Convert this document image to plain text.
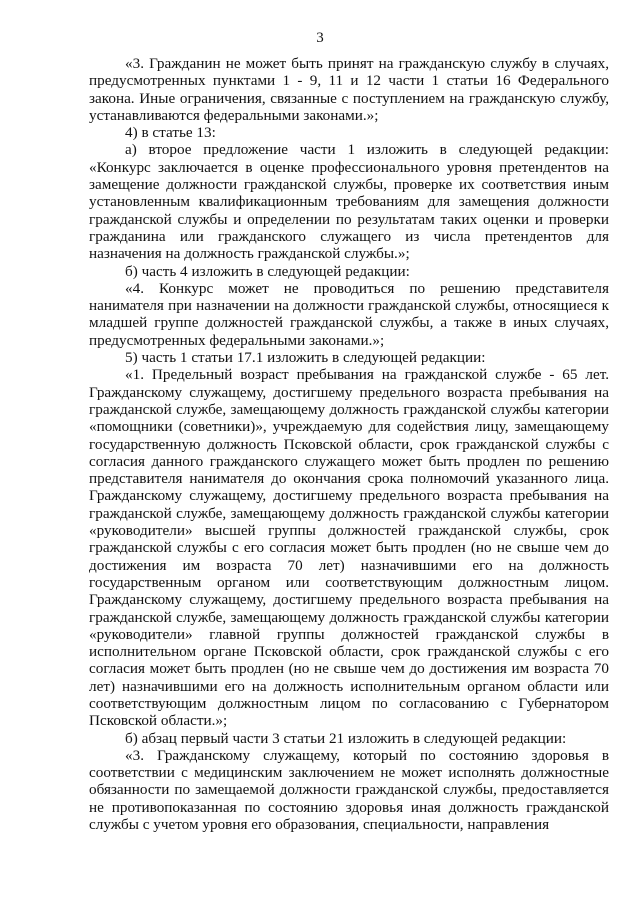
3

«3. Гражданин не может быть принят на гражданскую службу в случаях, предусмотренных пунктами 1 - 9, 11 и 12 части 1 статьи 16 Федерального закона. Иные ограничения, связанные с поступлением на гражданскую службу, устанавливаются федеральными законами.»;

4) в статье 13:

а) второе предложение части 1 изложить в следующей редакции: «Конкурс заключается в оценке профессионального уровня претендентов на замещение должности гражданской службы, проверке их соответствия иным установленным квалификационным требованиям для замещения должности гражданской службы и определении по результатам такиx оценки и проверки гражданина или гражданского служащего из числа претендентов для назначения на должность гражданской службы.»;

б) часть 4 изложить в следующей редакции:

«4. Конкурс может не проводиться по решению представителя нанимателя при назначении на должности гражданской службы, относящиеся к младшей группе должностей гражданской службы, а также в иных случаях, предусмотренных федеральными законами.»;

5) часть 1 статьи 17.1 изложить в следующей редакции:

«1. Предельный возраст пребывания на гражданской службе - 65 лет. Гражданскому служащему, достигшему предельного возраста пребывания на гражданской службе, замещающему должность гражданской службы категории «помощники (советники)», учреждаемую для содействия лицу, замещающему государственную должность Псковской области, срок гражданской службы с согласия данного гражданского служащего может быть продлен по решению представителя нанимателя до окончания срока полномочий указанного лица. Гражданскому служащему, достигшему предельного возраста пребывания на гражданской службе, замещающему должность гражданской службы категории «руководители» высшей группы должностей гражданской службы, срок гражданской службы с его согласия может быть продлен (но не свыше чем до достижения им возраста 70 лет) назначившими его на должность государственным органом или соответствующим должностным лицом. Гражданскому служащему, достигшему предельного возраста пребывания на гражданской службе, замещающему должность гражданской службы категории «руководители» главной группы должностей гражданской службы в исполнительном органе Псковской области, срок гражданской службы с его согласия может быть продлен (но не свыше чем до достижения им возраста 70 лет) назначившими его на должность исполнительным органом области или соответствующим должностным лицом по согласованию с Губернатором Псковской области.»;

б) абзац первый части 3 статьи 21 изложить в следующей редакции:

«3. Гражданскому служащему, который по состоянию здоровья в соответствии с медицинским заключением не может исполнять должностные обязанности по замещаемой должности гражданской службы, предоставляется не противопоказанная по состоянию здоровья иная должность гражданской службы с учетом уровня его образования, специальности, направления
